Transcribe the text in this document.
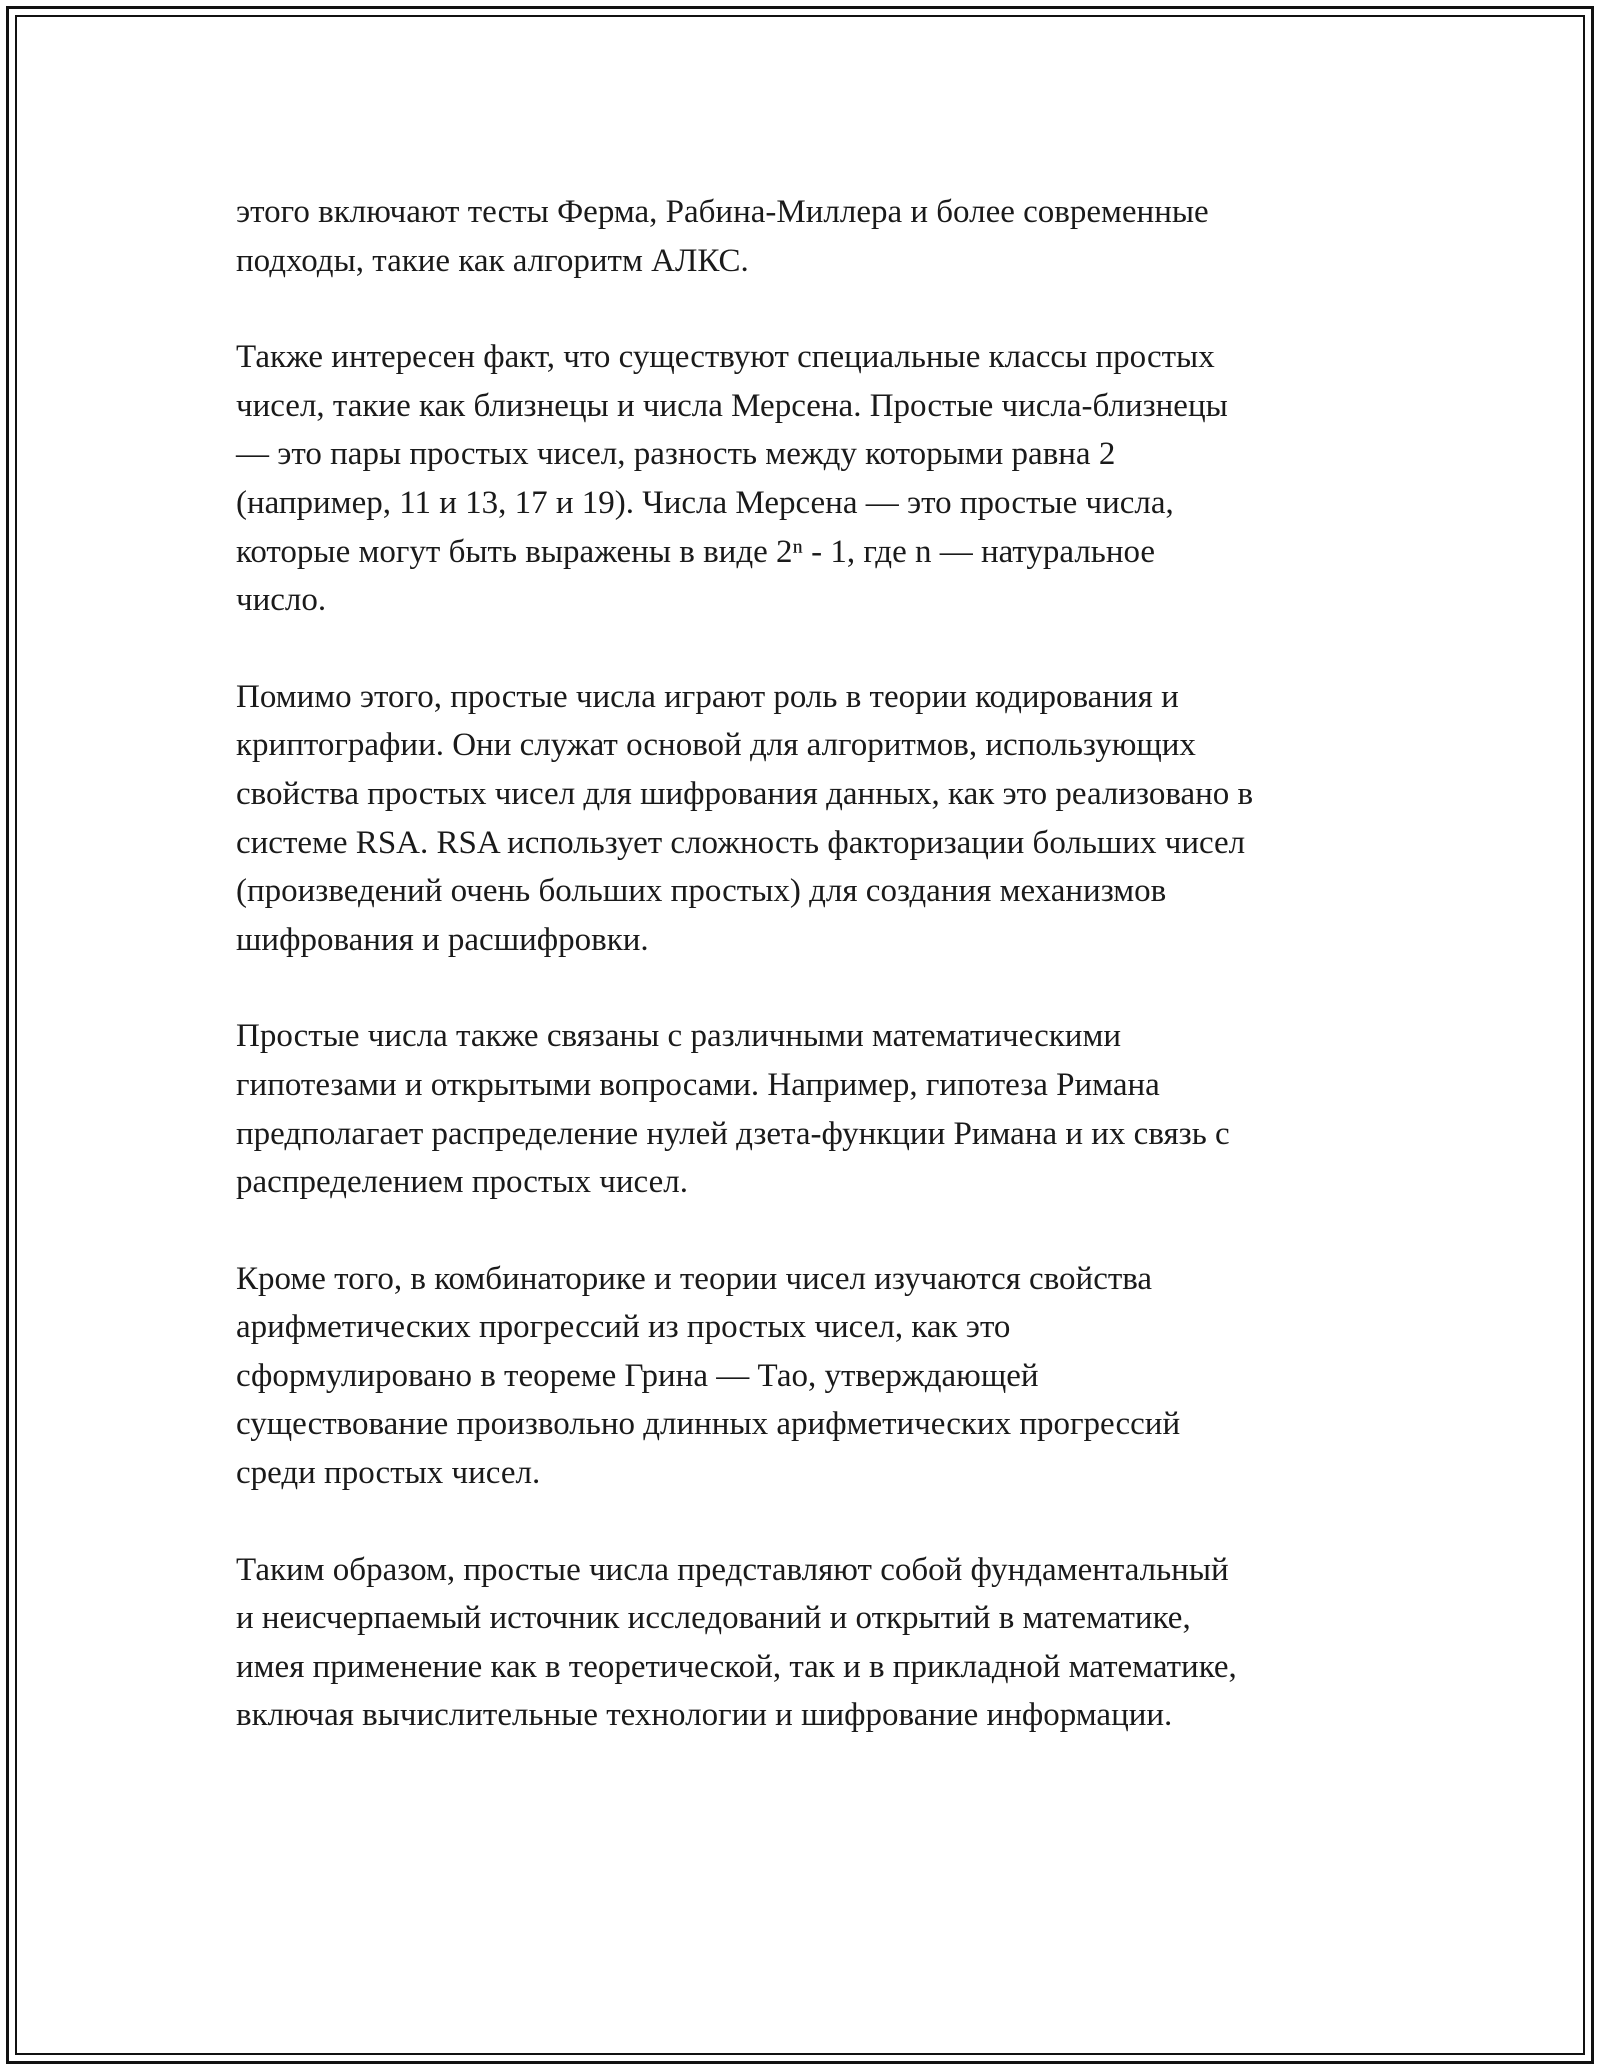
этого включают тесты Ферма, Рабина-Миллера и более современные
подходы, такие как алгоритм АЛКС.

Также интересен факт, что существуют специальные классы простых
чисел, такие как близнецы и числа Мерсена. Простые числа-близнецы
— это пары простых чисел, разность между которыми равна 2
(например, 11 и 13, 17 и 19). Числа Мерсена — это простые числа,
которые могут быть выражены в виде 2ⁿ - 1, где n — натуральное
число.

Помимо этого, простые числа играют роль в теории кодирования и
криптографии. Они служат основой для алгоритмов, использующих
свойства простых чисел для шифрования данных, как это реализовано в
системе RSA. RSA использует сложность факторизации больших чисел
(произведений очень больших простых) для создания механизмов
шифрования и расшифровки.

Простые числа также связаны с различными математическими
гипотезами и открытыми вопросами. Например, гипотеза Римана
предполагает распределение нулей дзета-функции Римана и их связь с
распределением простых чисел.

Кроме того, в комбинаторике и теории чисел изучаются свойства
арифметических прогрессий из простых чисел, как это
сформулировано в теореме Грина — Тао, утверждающей
существование произвольно длинных арифметических прогрессий
среди простых чисел.

Таким образом, простые числа представляют собой фундаментальный
и неисчерпаемый источник исследований и открытий в математике,
имея применение как в теоретической, так и в прикладной математике,
включая вычислительные технологии и шифрование информации.
